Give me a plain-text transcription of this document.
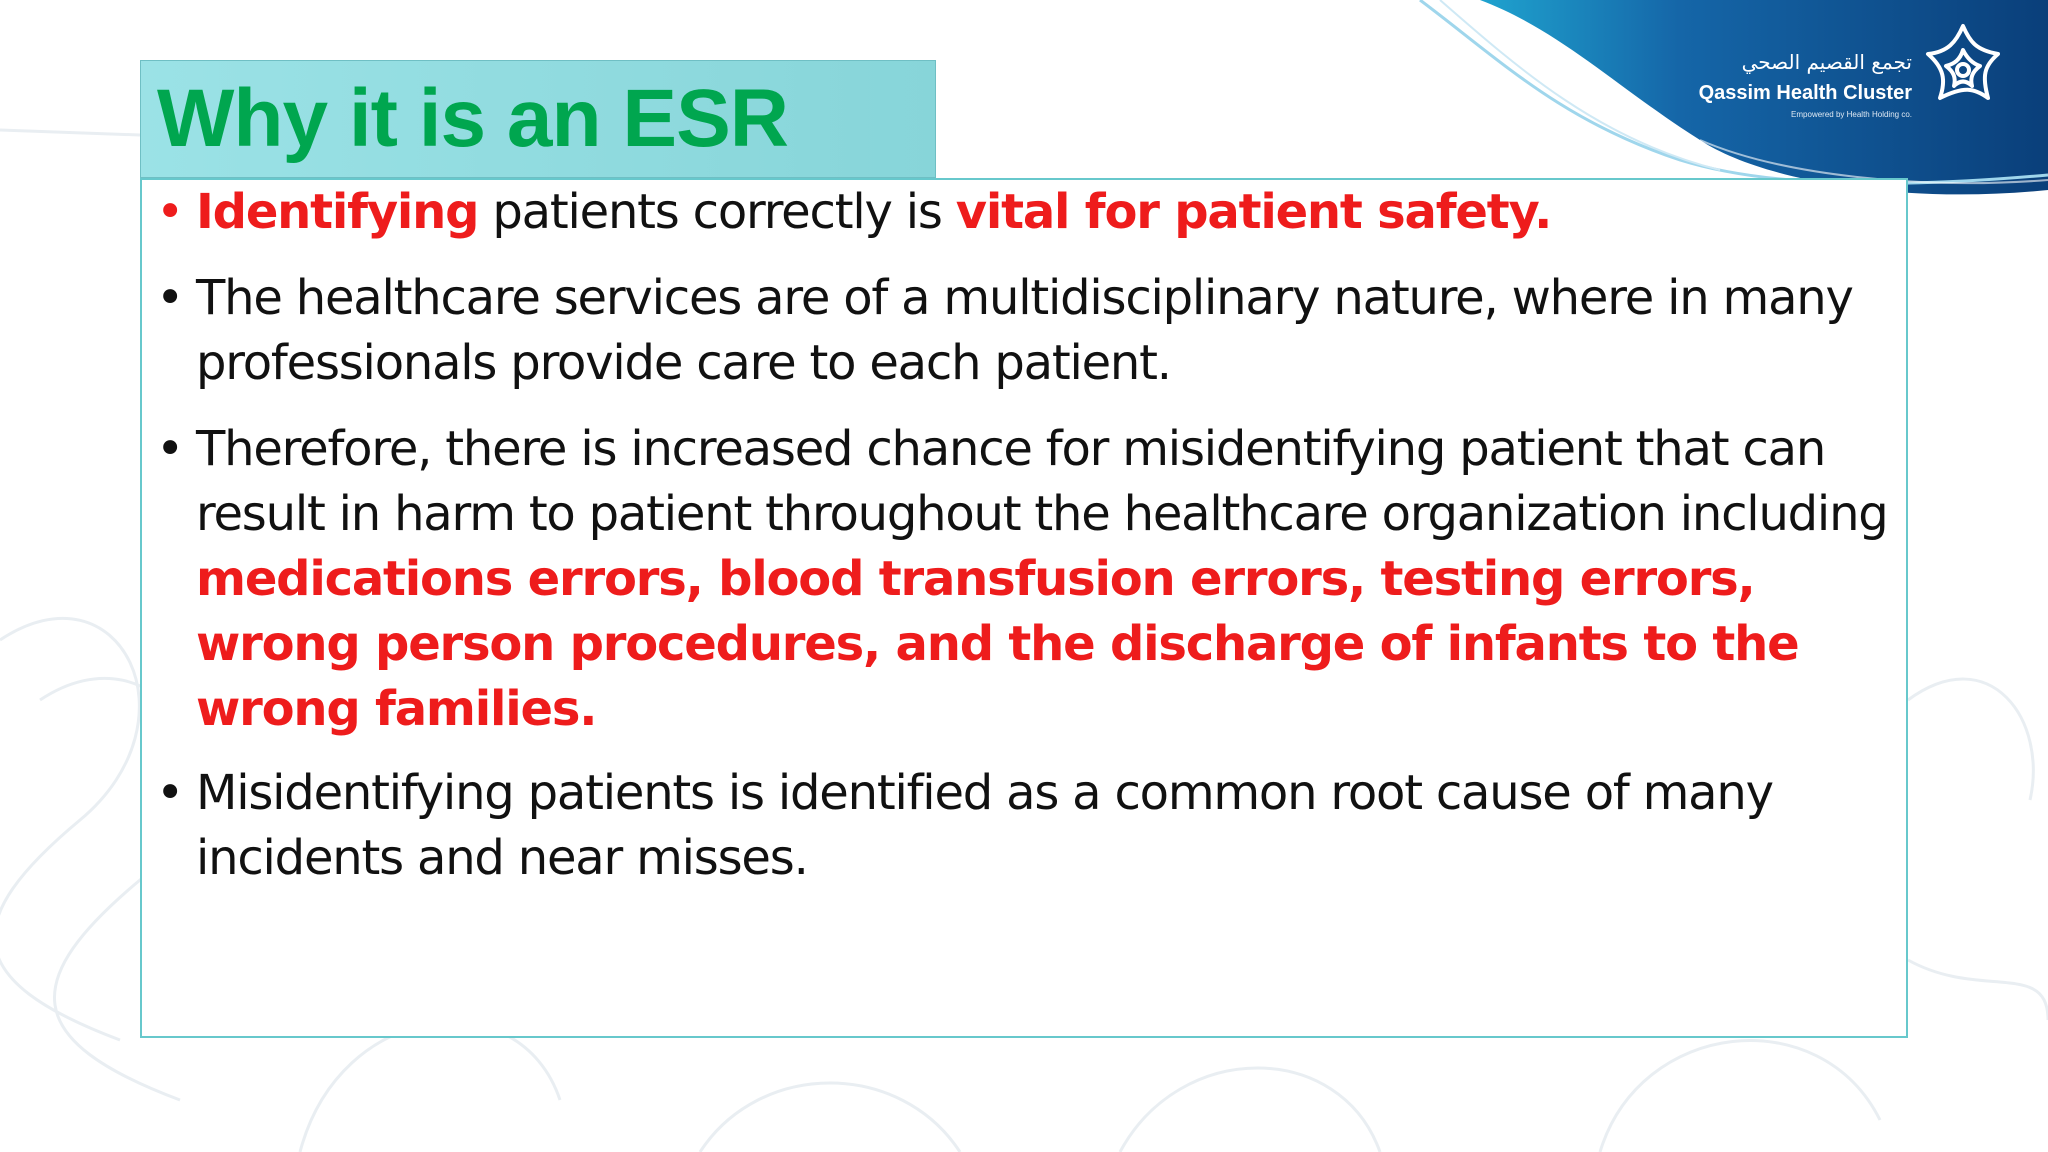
تجمع القصيم الصحي
Qassim Health Cluster
Empowered by Health Holding co.
Why it is an ESR
• Identifying patients correctly is vital for patient safety.
• The healthcare services are of a multidisciplinary nature, where in many professionals provide care to each patient.
• Therefore, there is increased chance for misidentifying patient that can result in harm to patient throughout the healthcare organization including medications errors, blood transfusion errors, testing errors, wrong person procedures, and the discharge of infants to the wrong families.
• Misidentifying patients is identified as a common root cause of many incidents and near misses.
